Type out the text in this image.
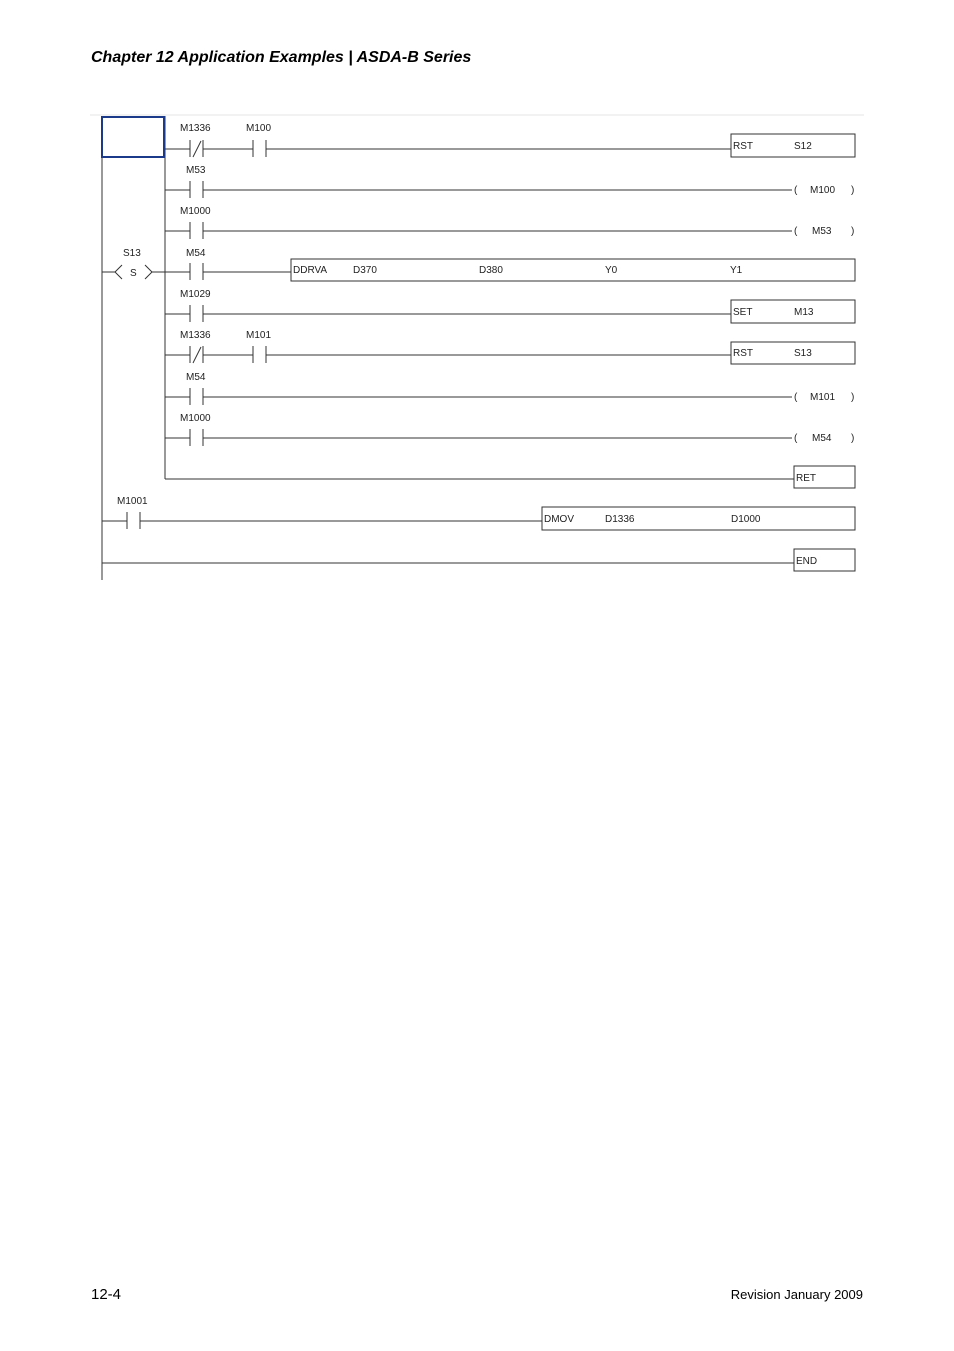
Chapter 12 Application Examples | ASDA-B Series
M1336	M100
RST	S12
M53
( M100 )
M1000
( M53 )
S13
S
M54
DDRVA	D370	D380	Y0	Y1
M1029
SET	M13
M1336	M101
RST	S13
M54
( M101 )
M1000
( M54 )
RET
M1001
DMOV	D1336	D1000
END
12-4	Revision January 2009
